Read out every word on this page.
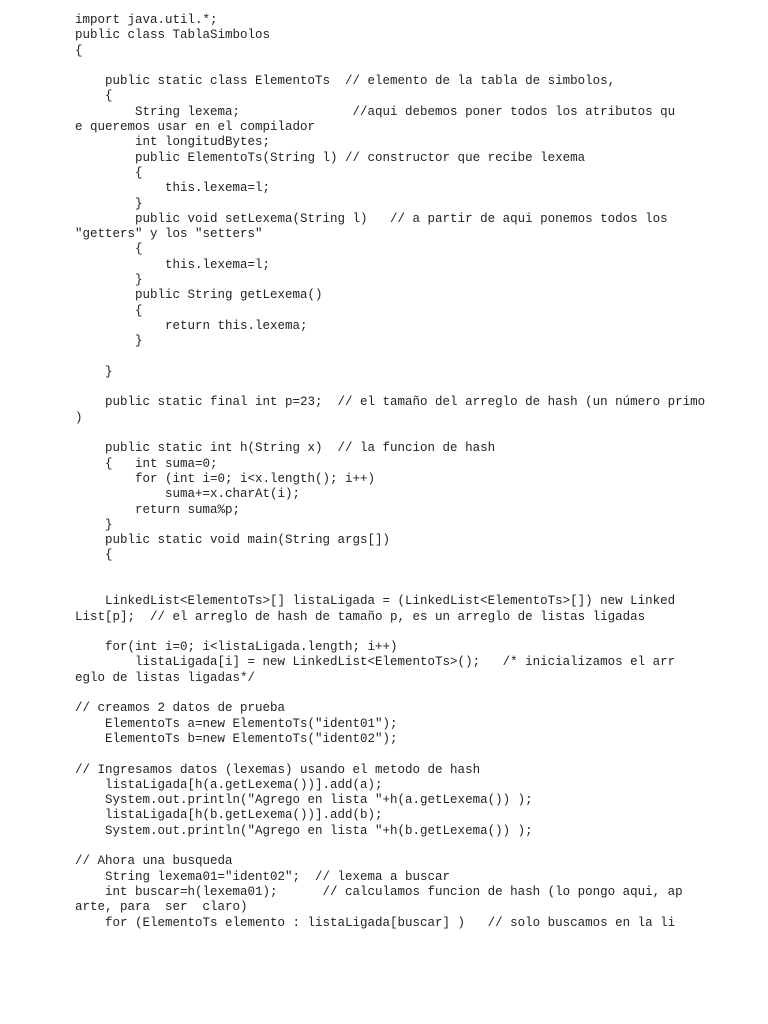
import java.util.*;
public class TablaSimbolos
{
public static class ElementoTs  // elemento de la tabla de simbolos,
{
String lexema;               //aqui debemos poner todos los atributos qu
e queremos usar en el compilador
int longitudBytes;
public ElementoTs(String l) // constructor que recibe lexema
{
this.lexema=l;
}
public void setLexema(String l)   // a partir de aqui ponemos todos los
"getters" y los "setters"
{
this.lexema=l;
}
public String getLexema()
{
return this.lexema;
}
}
public static final int p=23;  // el tamaño del arreglo de hash (un número primo
)
public static int h(String x)  // la funcion de hash
{   int suma=0;
for (int i=0; i<x.length(); i++)
suma+=x.charAt(i);
return suma%p;
}
public static void main(String args[])
{
LinkedList<ElementoTs>[] listaLigada = (LinkedList<ElementoTs>[]) new Linked
List[p];  // el arreglo de hash de tamaño p, es un arreglo de listas ligadas
for(int i=0; i<listaLigada.length; i++)
listaLigada[i] = new LinkedList<ElementoTs>();   /* inicializamos el arr
eglo de listas ligadas*/
// creamos 2 datos de prueba
ElementoTs a=new ElementoTs("ident01");
ElementoTs b=new ElementoTs("ident02");
// Ingresamos datos (lexemas) usando el metodo de hash
listaLigada[h(a.getLexema())].add(a);
System.out.println("Agrego en lista "+h(a.getLexema()) );
listaLigada[h(b.getLexema())].add(b);
System.out.println("Agrego en lista "+h(b.getLexema()) );
// Ahora una busqueda
String lexema01="ident02";  // lexema a buscar
int buscar=h(lexema01);      // calculamos funcion de hash (lo pongo aqui, ap
arte, para  ser  claro)
for (ElementoTs elemento : listaLigada[buscar] )   // solo buscamos en la li
